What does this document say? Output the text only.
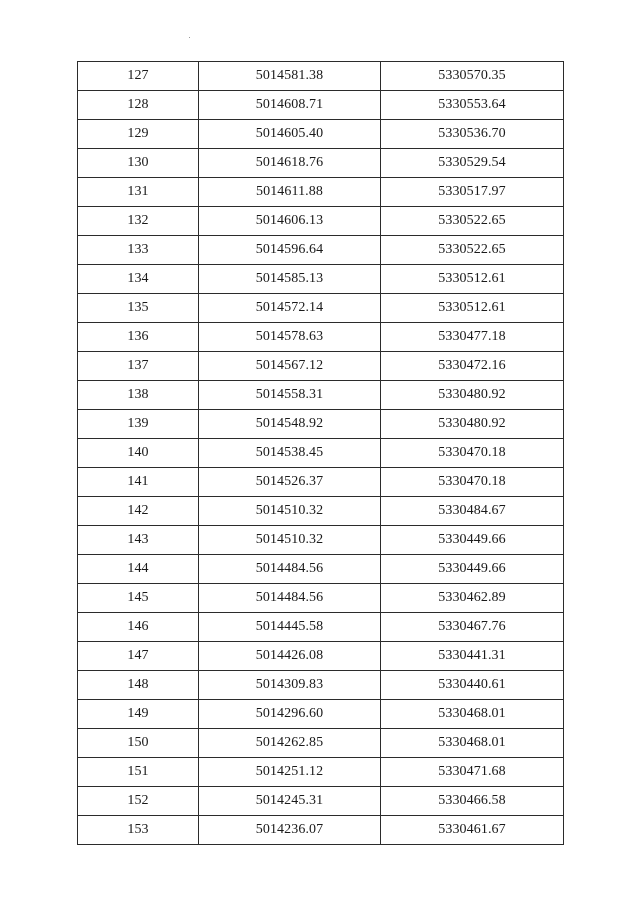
127	5014581.38	5330570.35
128	5014608.71	5330553.64
129	5014605.40	5330536.70
130	5014618.76	5330529.54
131	5014611.88	5330517.97
132	5014606.13	5330522.65
133	5014596.64	5330522.65
134	5014585.13	5330512.61
135	5014572.14	5330512.61
136	5014578.63	5330477.18
137	5014567.12	5330472.16
138	5014558.31	5330480.92
139	5014548.92	5330480.92
140	5014538.45	5330470.18
141	5014526.37	5330470.18
142	5014510.32	5330484.67
143	5014510.32	5330449.66
144	5014484.56	5330449.66
145	5014484.56	5330462.89
146	5014445.58	5330467.76
147	5014426.08	5330441.31
148	5014309.83	5330440.61
149	5014296.60	5330468.01
150	5014262.85	5330468.01
151	5014251.12	5330471.68
152	5014245.31	5330466.58
153	5014236.07	5330461.67
